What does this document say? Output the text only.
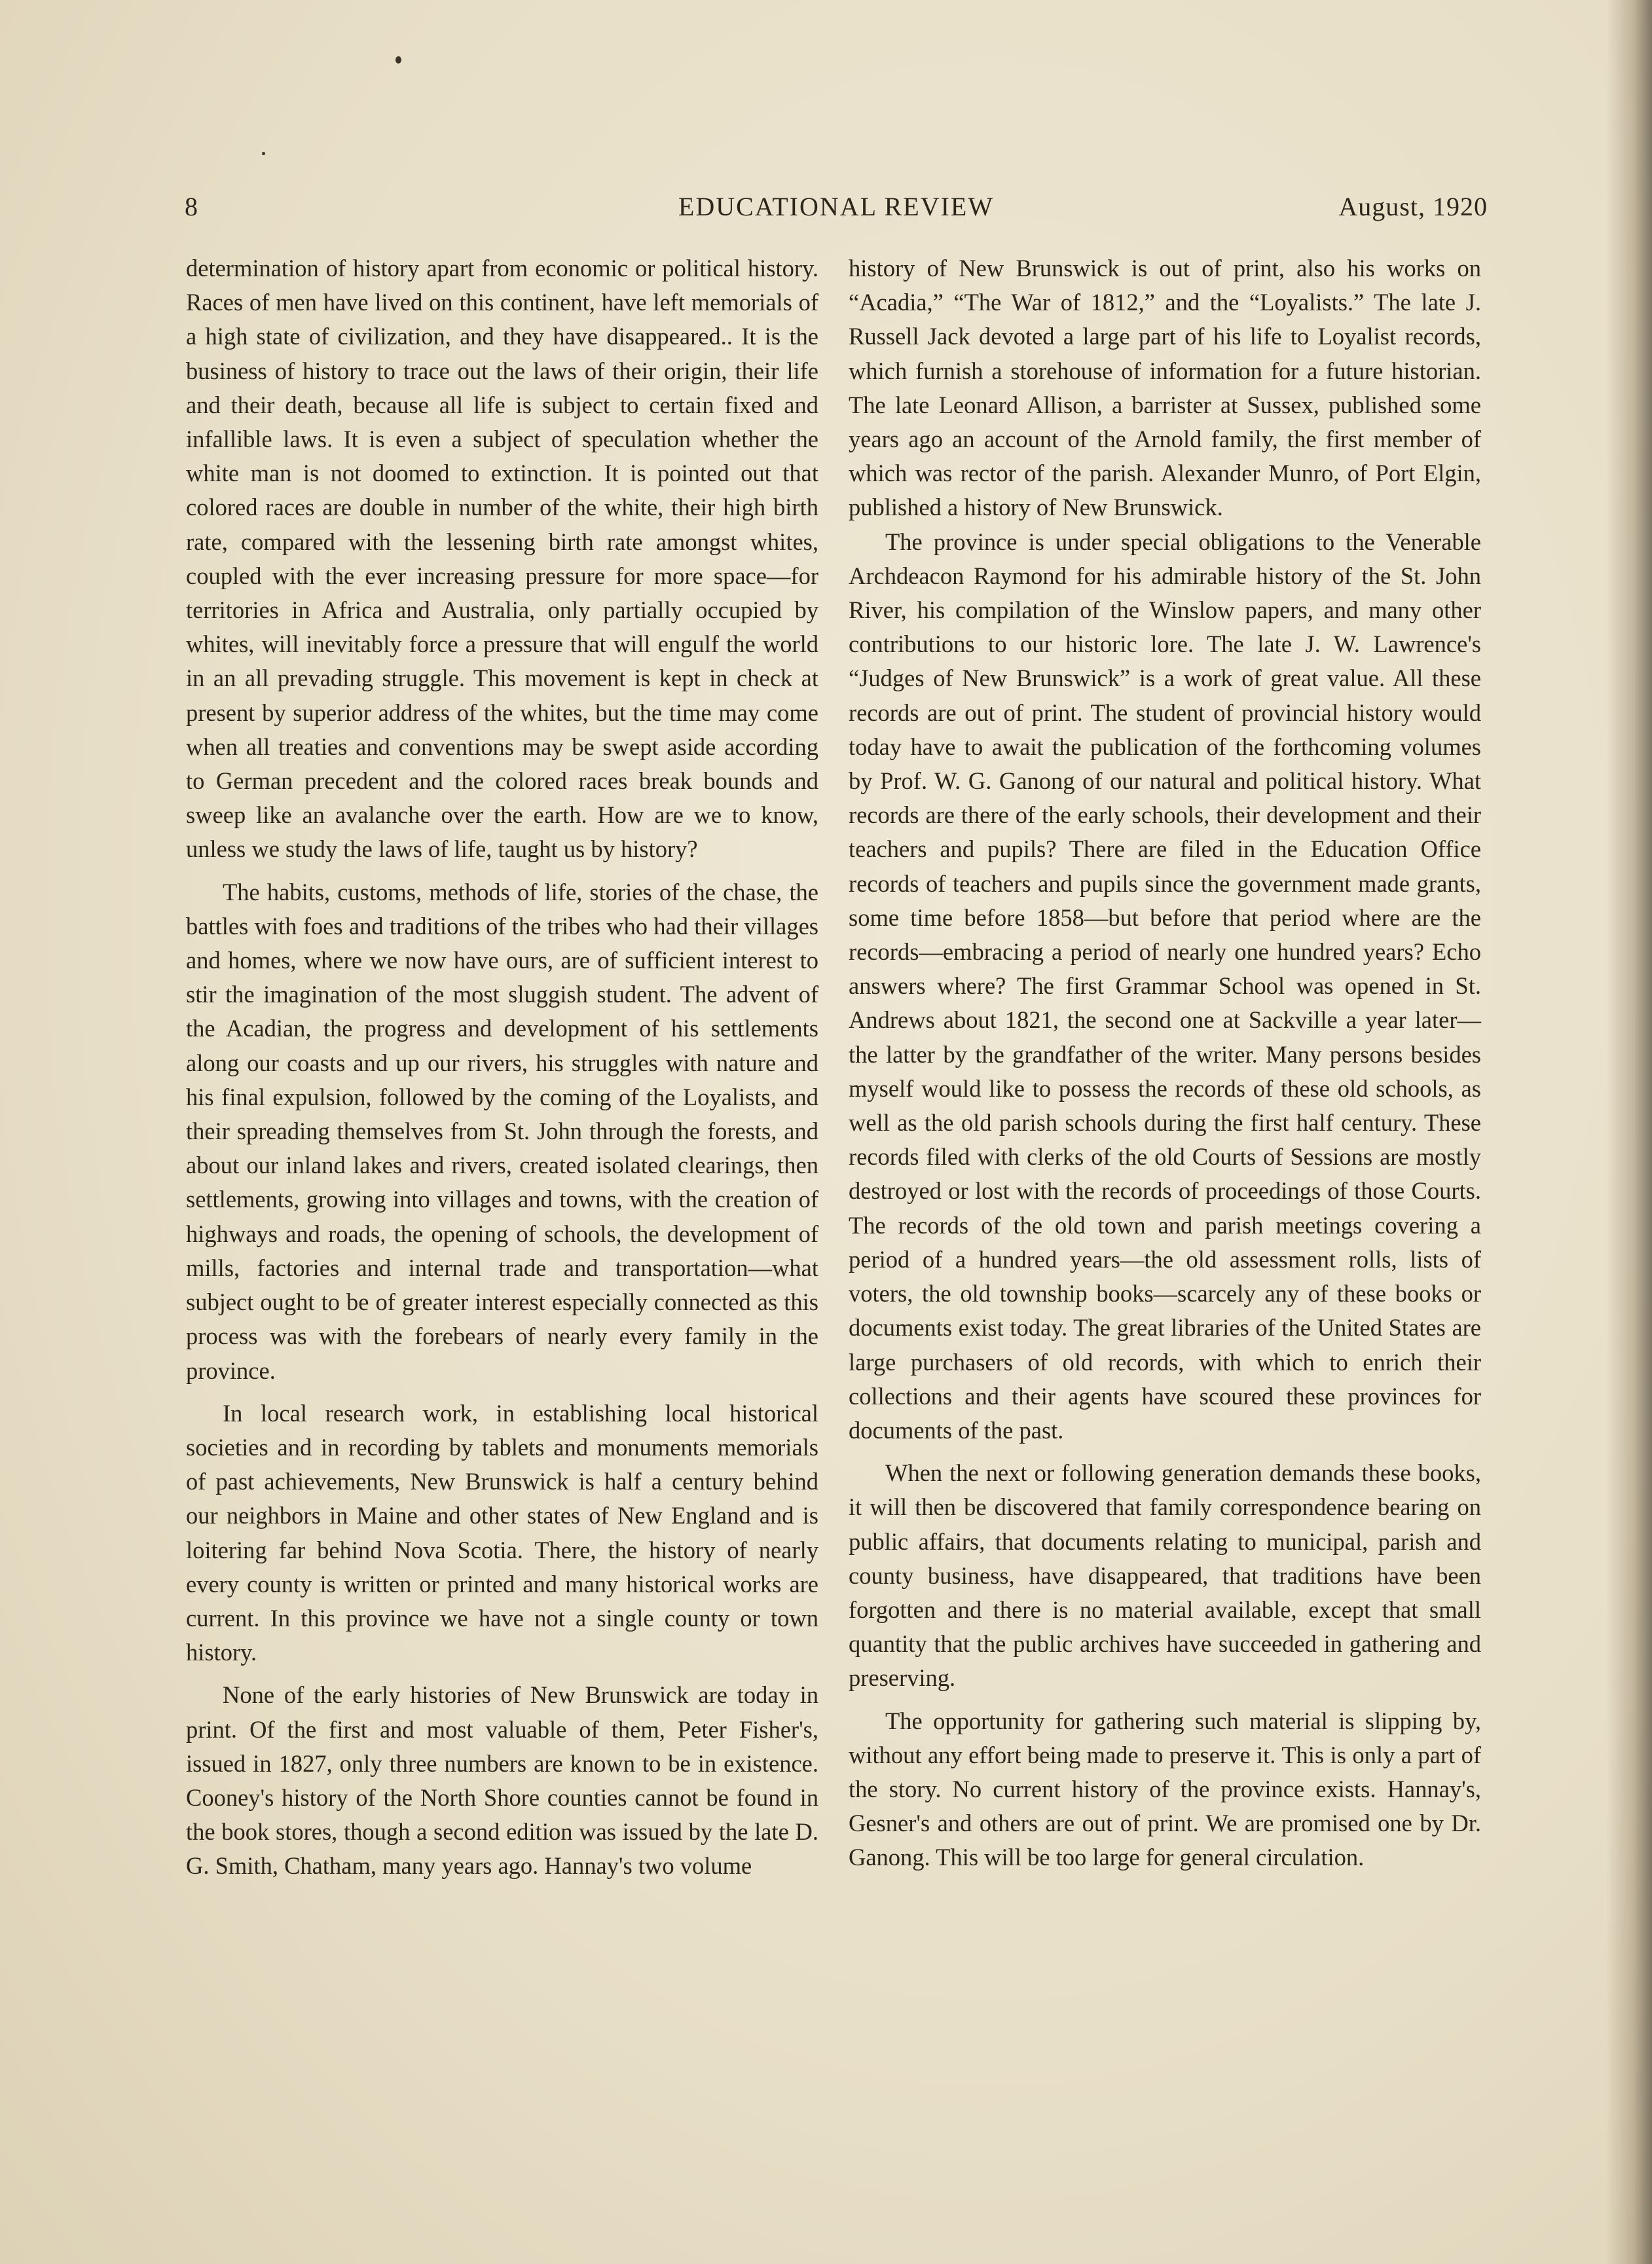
8	EDUCATIONAL REVIEW	August, 1920

determination of history apart from economic or political history. Races of men have lived on this continent, have left memorials of a high state of civilization, and they have disappeared.. It is the business of history to trace out the laws of their origin, their life and their death, because all life is subject to certain fixed and infallible laws. It is even a subject of speculation whether the white man is not doomed to extinction. It is pointed out that colored races are double in number of the white, their high birth rate, compared with the lessening birth rate amongst whites, coupled with the ever increasing pressure for more space—for territories in Africa and Australia, only partially occupied by whites, will inevitably force a pressure that will engulf the world in an all prevading struggle. This movement is kept in check at present by superior address of the whites, but the time may come when all treaties and conventions may be swept aside according to German precedent and the colored races break bounds and sweep like an avalanche over the earth. How are we to know, unless we study the laws of life, taught us by history?

The habits, customs, methods of life, stories of the chase, the battles with foes and traditions of the tribes who had their villages and homes, where we now have ours, are of sufficient interest to stir the imagination of the most sluggish student. The advent of the Acadian, the progress and development of his settlements along our coasts and up our rivers, his struggles with nature and his final expulsion, followed by the coming of the Loyalists, and their spreading themselves from St. John through the forests, and about our inland lakes and rivers, created isolated clearings, then settlements, growing into villages and towns, with the creation of highways and roads, the opening of schools, the development of mills, factories and internal trade and transportation—what subject ought to be of greater interest especially connected as this process was with the forebears of nearly every family in the province.

In local research work, in establishing local historical societies and in recording by tablets and monuments memorials of past achievements, New Brunswick is half a century behind our neighbors in Maine and other states of New England and is loitering far behind Nova Scotia. There, the history of nearly every county is written or printed and many historical works are current. In this province we have not a single county or town history.

None of the early histories of New Brunswick are today in print. Of the first and most valuable of them, Peter Fisher's, issued in 1827, only three numbers are known to be in existence. Cooney's history of the North Shore counties cannot be found in the book stores, though a second edition was issued by the late D. G. Smith, Chatham, many years ago. Hannay's two volume

history of New Brunswick is out of print, also his works on “Acadia,” “The War of 1812,” and the “Loyalists.” The late J. Russell Jack devoted a large part of his life to Loyalist records, which furnish a storehouse of information for a future historian. The late Leonard Allison, a barrister at Sussex, published some years ago an account of the Arnold family, the first member of which was rector of the parish. Alexander Munro, of Port Elgin, published a history of New Brunswick.

The province is under special obligations to the Venerable Archdeacon Raymond for his admirable history of the St. John River, his compilation of the Winslow papers, and many other contributions to our historic lore. The late J. W. Lawrence's “Judges of New Brunswick” is a work of great value. All these records are out of print. The student of provincial history would today have to await the publication of the forthcoming volumes by Prof. W. G. Ganong of our natural and political history. What records are there of the early schools, their development and their teachers and pupils? There are filed in the Education Office records of teachers and pupils since the government made grants, some time before 1858—but before that period where are the records—embracing a period of nearly one hundred years? Echo answers where? The first Grammar School was opened in St. Andrews about 1821, the second one at Sackville a year later—the latter by the grandfather of the writer. Many persons besides myself would like to possess the records of these old schools, as well as the old parish schools during the first half century. These records filed with clerks of the old Courts of Sessions are mostly destroyed or lost with the records of proceedings of those Courts. The records of the old town and parish meetings covering a period of a hundred years—the old assessment rolls, lists of voters, the old township books—scarcely any of these books or documents exist today. The great libraries of the United States are large purchasers of old records, with which to enrich their collections and their agents have scoured these provinces for documents of the past.

When the next or following generation demands these books, it will then be discovered that family correspondence bearing on public affairs, that documents relating to municipal, parish and county business, have disappeared, that traditions have been forgotten and there is no material available, except that small quantity that the public archives have succeeded in gathering and preserving.

The opportunity for gathering such material is slipping by, without any effort being made to preserve it. This is only a part of the story. No current history of the province exists. Hannay's, Gesner's and others are out of print. We are promised one by Dr. Ganong. This will be too large for general circulation.
